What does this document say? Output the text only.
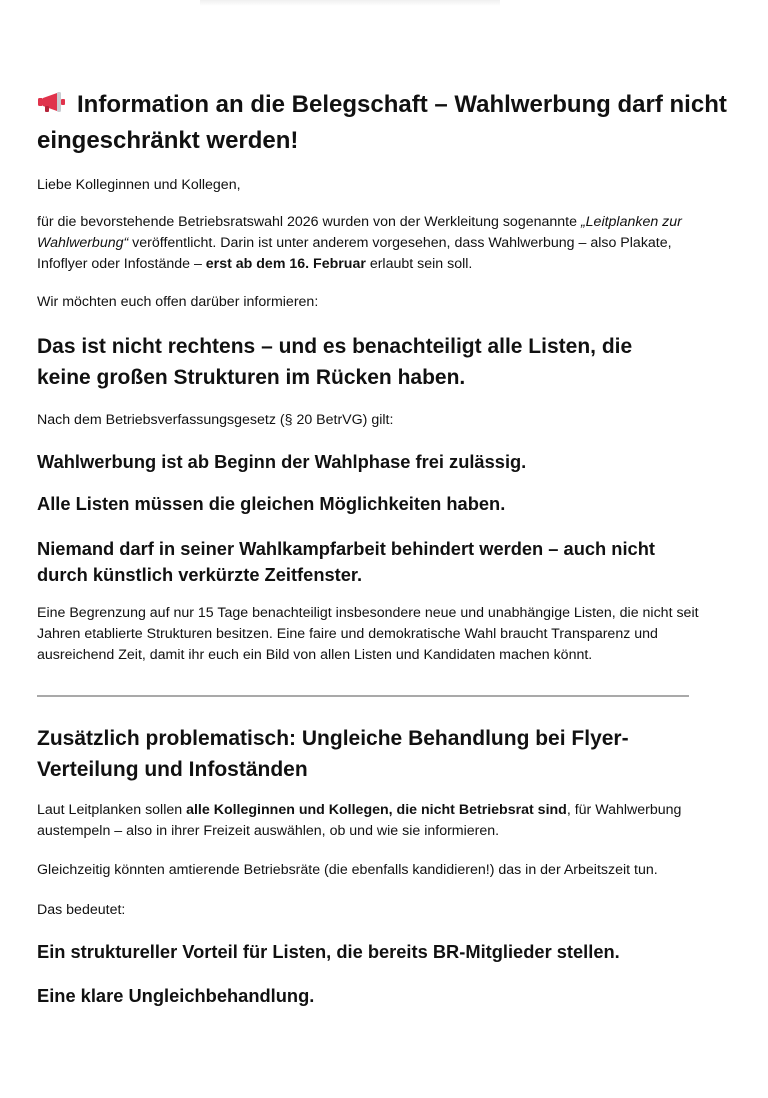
Information an die Belegschaft – Wahlwerbung darf nicht eingeschränkt werden!

Liebe Kolleginnen und Kollegen,

für die bevorstehende Betriebsratswahl 2026 wurden von der Werkleitung sogenannte „Leitplanken zur Wahlwerbung“ veröffentlicht. Darin ist unter anderem vorgesehen, dass Wahlwerbung – also Plakate, Infoflyer oder Infostände – erst ab dem 16. Februar erlaubt sein soll.

Wir möchten euch offen darüber informieren:

Das ist nicht rechtens – und es benachteiligt alle Listen, die keine großen Strukturen im Rücken haben.

Nach dem Betriebsverfassungsgesetz (§ 20 BetrVG) gilt:

Wahlwerbung ist ab Beginn der Wahlphase frei zulässig.
Alle Listen müssen die gleichen Möglichkeiten haben.
Niemand darf in seiner Wahlkampfarbeit behindert werden – auch nicht durch künstlich verkürzte Zeitfenster.

Eine Begrenzung auf nur 15 Tage benachteiligt insbesondere neue und unabhängige Listen, die nicht seit Jahren etablierte Strukturen besitzen. Eine faire und demokratische Wahl braucht Transparenz und ausreichend Zeit, damit ihr euch ein Bild von allen Listen und Kandidaten machen könnt.

Zusätzlich problematisch: Ungleiche Behandlung bei Flyer-Verteilung und Infoständen

Laut Leitplanken sollen alle Kolleginnen und Kollegen, die nicht Betriebsrat sind, für Wahlwerbung austempeln – also in ihrer Freizeit auswählen, ob und wie sie informieren.

Gleichzeitig könnten amtierende Betriebsräte (die ebenfalls kandidieren!) das in der Arbeitszeit tun.

Das bedeutet:

Ein struktureller Vorteil für Listen, die bereits BR-Mitglieder stellen.
Eine klare Ungleichbehandlung.
